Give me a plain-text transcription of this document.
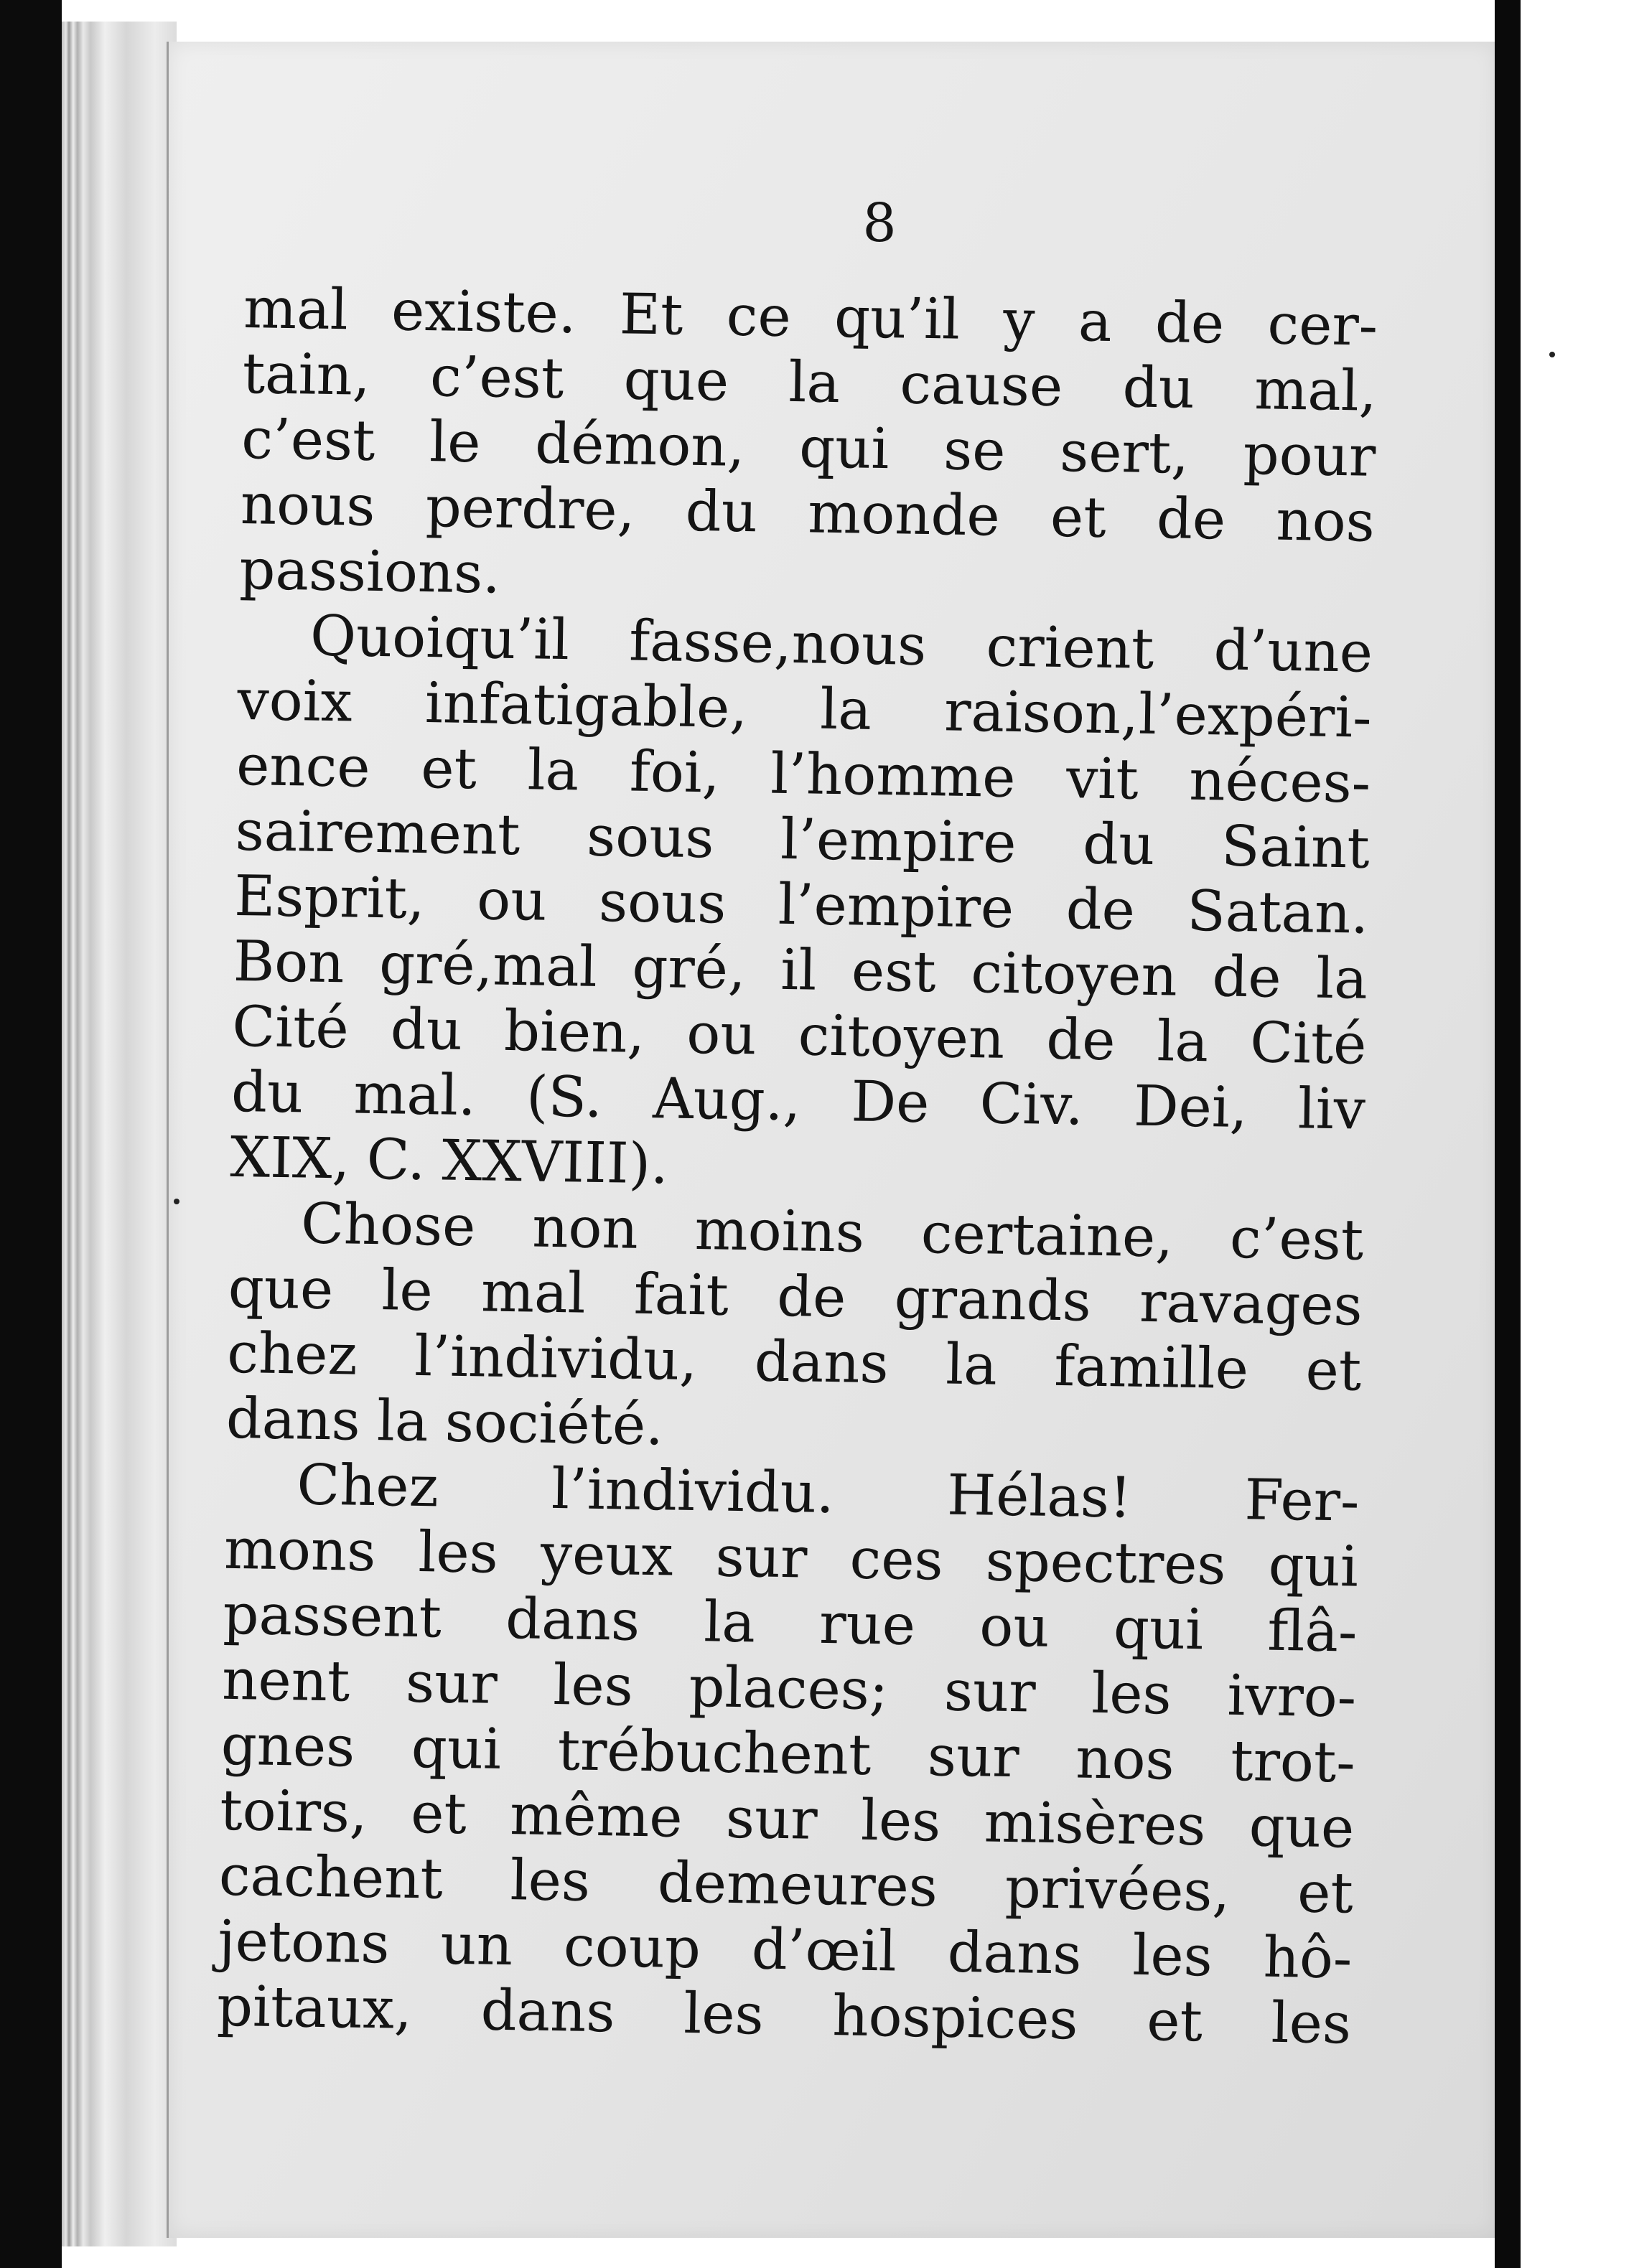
8
mal existe. Et ce qu’il y a de cer-
tain, c’est que la cause du mal,
c’est le démon, qui se sert, pour
nous perdre, du monde et de nos
passions.
Quoiqu’il fasse,nous crient d’une
voix infatigable, la raison,l’expéri-
ence et la foi, l’homme vit néces-
sairement sous l’empire du Saint
Esprit, ou sous l’empire de Satan.
Bon gré,mal gré, il est citoyen de la
Cité du bien, ou citoyen de la Cité
du mal. (S. Aug., De Civ. Dei, liv
XIX, C. XXVIII).
Chose non moins certaine, c’est
que le mal fait de grands ravages
chez l’individu, dans la famille et
dans la société.
Chez l’individu. Hélas! Fer-
mons les yeux sur ces spectres qui
passent dans la rue ou qui flâ-
nent sur les places; sur les ivro-
gnes qui trébuchent sur nos trot-
toirs, et même sur les misères que
cachent les demeures privées, et
jetons un coup d’œil dans les hô-
pitaux, dans les hospices et les
